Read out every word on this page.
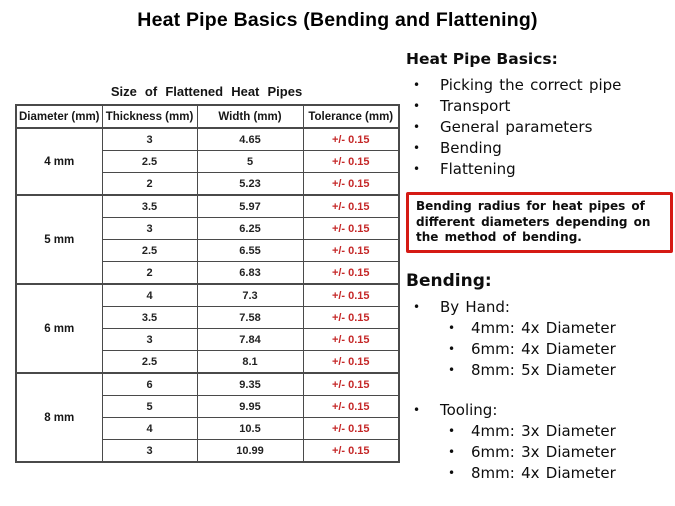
Heat Pipe Basics (Bending and Flattening)
Size of Flattened Heat Pipes
Diameter (mm)	Thickness (mm)	Width (mm)	Tolerance (mm)
4 mm	3	4.65	+/- 0.15
	2.5	5	+/- 0.15
	2	5.23	+/- 0.15
5 mm	3.5	5.97	+/- 0.15
	3	6.25	+/- 0.15
	2.5	6.55	+/- 0.15
	2	6.83	+/- 0.15
6 mm	4	7.3	+/- 0.15
	3.5	7.58	+/- 0.15
	3	7.84	+/- 0.15
	2.5	8.1	+/- 0.15
8 mm	6	9.35	+/- 0.15
	5	9.95	+/- 0.15
	4	10.5	+/- 0.15
	3	10.99	+/- 0.15
Heat Pipe Basics:
•	Picking the correct pipe
•	Transport
•	General parameters
•	Bending
•	Flattening
Bending radius for heat pipes of
different diameters depending on
the method of bending.
Bending:
•	By Hand:
•	4mm: 4x Diameter
•	6mm: 4x Diameter
•	8mm: 5x Diameter
•	Tooling:
•	4mm: 3x Diameter
•	6mm: 3x Diameter
•	8mm: 4x Diameter
